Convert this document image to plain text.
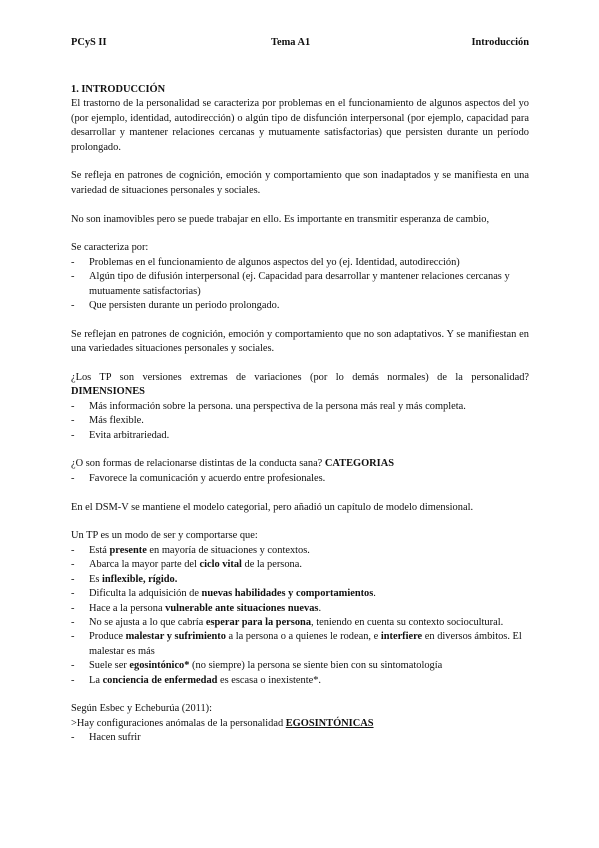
PCyS II	Tema A1	Introducción

1. INTRODUCCIÓN

El trastorno de la personalidad se caracteriza por problemas en el funcionamiento de algunos aspectos del yo (por ejemplo, identidad, autodirección) o algún tipo de disfunción interpersonal (por ejemplo, capacidad para desarrollar y mantener relaciones cercanas y mutuamente satisfactorias) que persisten durante un período prolongado.

Se refleja en patrones de cognición, emoción y comportamiento que son inadaptados y se manifiesta en una variedad de situaciones personales y sociales.

No son inamovibles pero se puede trabajar en ello. Es importante en transmitir esperanza de cambio,

Se caracteriza por:

- Problemas en el funcionamiento de algunos aspectos del yo (ej. Identidad, autodirección)
- Algún tipo de difusión interpersonal (ej. Capacidad para desarrollar y mantener relaciones cercanas y mutuamente satisfactorias)
- Que persisten durante un periodo prolongado.

Se reflejan en patrones de cognición, emoción y comportamiento que no son adaptativos. Y se manifiestan en una variedades situaciones personales y sociales.

¿Los TP son versiones extremas de variaciones (por lo demás normales) de la personalidad? DIMENSIONES

- Más información sobre la persona. una perspectiva de la persona más real y más completa.
- Más flexible.
- Evita arbitrariedad.

¿O son formas de relacionarse distintas de la conducta sana? CATEGORIAS

- Favorece la comunicación y acuerdo entre profesionales.

En el DSM-V se mantiene el modelo categorial, pero añadió un capítulo de modelo dimensional.

Un TP es un modo de ser y comportarse que:

- Está presente en mayoría de situaciones y contextos.
- Abarca la mayor parte del ciclo vital de la persona.
- Es inflexible, rígido.
- Dificulta la adquisición de nuevas habilidades y comportamientos.
- Hace a la persona vulnerable ante situaciones nuevas.
- No se ajusta a lo que cabría esperar para la persona, teniendo en cuenta su contexto sociocultural.
- Produce malestar y sufrimiento a la persona o a quienes le rodean, e interfiere en diversos ámbitos. El malestar es más
- Suele ser egosintónico* (no siempre) la persona se siente bien con su sintomatología
- La conciencia de enfermedad es escasa o inexistente*.

Según Esbec y Echeburúa (2011):

>Hay configuraciones anómalas de la personalidad EGOSINTÓNICAS

- Hacen sufrir
